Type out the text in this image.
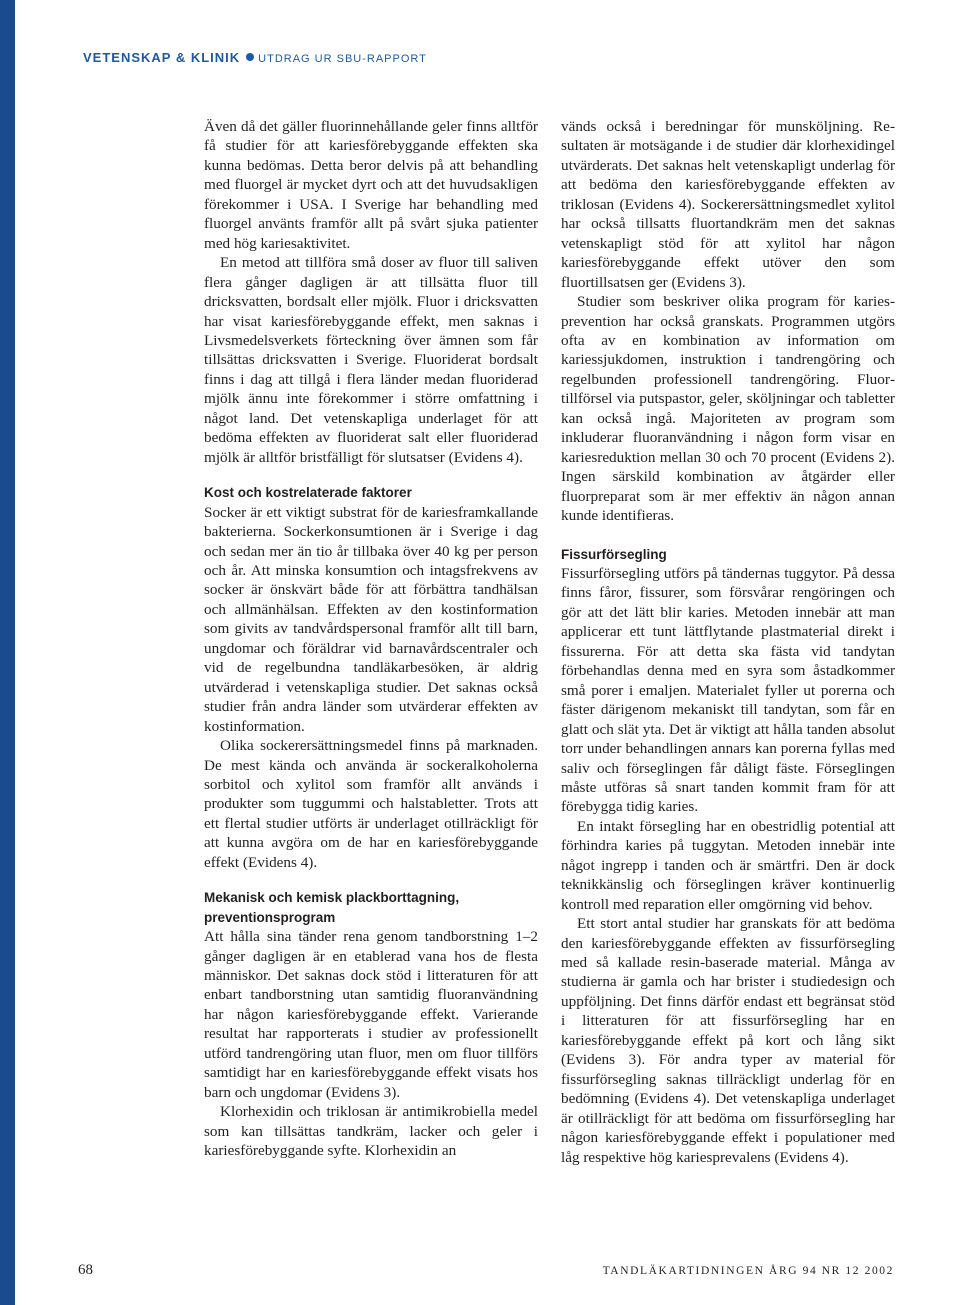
VETENSKAP & KLINIK UTDRAG UR SBU-RAPPORT

Även då det gäller fluorinnehållande geler finns alltför få studier för att kariesförebyggande effekten ska kunna bedömas. Detta beror delvis på att behandling med fluorgel är mycket dyrt och att det huvudsakligen förekommer i USA. I Sverige har behandling med fluorgel använts framför allt på svårt sjuka patienter med hög kariesaktivitet.

En metod att tillföra små doser av fluor till saliven flera gånger dagligen är att tillsätta fluor till dricksvatten, bordsalt eller mjölk. Fluor i dricksvatten har visat kariesförebyggande effekt, men saknas i Livsmedelsverkets förteckning över ämnen som får tillsättas dricksvatten i Sverige. Fluoriderat bordsalt finns i dag att tillgå i flera länder medan fluoriderad mjölk ännu inte förekommer i större omfattning i något land. Det vetenskapliga underlaget för att bedöma effekten av fluoriderat salt eller fluoriderad mjölk är alltför bristfälligt för slutsatser (Evidens 4).

Kost och kostrelaterade faktorer

Socker är ett viktigt substrat för de kariesframkallande bakterierna. Sockerkonsumtionen är i Sverige i dag och sedan mer än tio år tillbaka över 40 kg per person och år. Att minska konsumtion och intagsfrekvens av socker är önskvärt både för att förbättra tandhälsan och allmänhälsan. Effekten av den kostinformation som givits av tandvårdspersonal framför allt till barn, ungdomar och föräldrar vid barnavårdscentraler och vid de regelbundna tandläkarbesöken, är aldrig utvärderad i vetenskapliga studier. Det saknas också studier från andra länder som utvärderar effekten av kostinformation.

Olika sockerersättningsmedel finns på marknaden. De mest kända och använda är sockeralkoholerna sorbitol och xylitol som framför allt används i produkter som tuggummi och halstabletter. Trots att ett flertal studier utförts är underlaget otillräckligt för att kunna avgöra om de har en kariesförebyggande effekt (Evidens 4).

Mekanisk och kemisk plackborttagning, preventionsprogram

Att hålla sina tänder rena genom tandborstning 1–2 gånger dagligen är en etablerad vana hos de flesta människor. Det saknas dock stöd i litteraturen för att enbart tandborstning utan samtidig fluoranvändning har någon kariesförebyggande effekt. Varierande resultat har rapporterats i studier av professionellt utförd tandrengöring utan fluor, men om fluor tillförs samtidigt har en kariesförebyggande effekt visats hos barn och ungdomar (Evidens 3).

Klorhexidin och triklosan är antimikrobiella medel som kan tillsättas tandkräm, lacker och geler i kariesförebyggande syfte. Klorhexidin an

vänds också i beredningar för munsköljning. Resultaten är motsägande i de studier där klorhexidingel utvärderats. Det saknas helt vetenskapligt underlag för att bedöma den kariesförebyggande effekten av triklosan (Evidens 4). Sockerersättningsmedlet xylitol har också tillsatts fluortandkräm men det saknas vetenskapligt stöd för att xylitol har någon kariesförebyggande effekt utöver den som fluortillsatsen ger (Evidens 3).

Studier som beskriver olika program för kariesprevention har också granskats. Programmen utgörs ofta av en kombination av information om kariessjukdomen, instruktion i tandrengöring och regelbunden professionell tandrengöring. Fluortillförsel via putspastor, geler, sköljningar och tabletter kan också ingå. Majoriteten av program som inkluderar fluoranvändning i någon form visar en kariesreduktion mellan 30 och 70 procent (Evidens 2). Ingen särskild kombination av åtgärder eller fluorpreparat som är mer effektiv än någon annan kunde identifieras.

Fissurförsegling

Fissurförsegling utförs på tändernas tuggytor. På dessa finns fåror, fissurer, som försvårar rengöringen och gör att det lätt blir karies. Metoden innebär att man applicerar ett tunt lättflytande plastmaterial direkt i fissurerna. För att detta ska fästa vid tandytan förbehandlas denna med en syra som åstadkommer små porer i emaljen. Materialet fyller ut porerna och fäster därigenom mekaniskt till tandytan, som får en glatt och slät yta. Det är viktigt att hålla tanden absolut torr under behandlingen annars kan porerna fyllas med saliv och förseglingen får dåligt fäste. Förseglingen måste utföras så snart tanden kommit fram för att förebygga tidig karies.

En intakt försegling har en obestridlig potential att förhindra karies på tuggytan. Metoden innebär inte något ingrepp i tanden och är smärtfri. Den är dock teknikkänslig och förseglingen kräver kontinuerlig kontroll med reparation eller omgörning vid behov.

Ett stort antal studier har granskats för att bedöma den kariesförebyggande effekten av fissurförsegling med så kallade resin-baserade material. Många av studierna är gamla och har brister i studiedesign och uppföljning. Det finns därför endast ett begränsat stöd i litteraturen för att fissurförsegling har en kariesförebyggande effekt på kort och lång sikt (Evidens 3). För andra typer av material för fissurförsegling saknas tillräckligt underlag för en bedömning (Evidens 4). Det vetenskapliga underlaget är otillräckligt för att bedöma om fissurförsegling har någon kariesförebyggande effekt i populationer med låg respektive hög kariesprevalens (Evidens 4).

68	TANDLÄKARTIDNINGEN ÅRG 94 NR 12 2002
